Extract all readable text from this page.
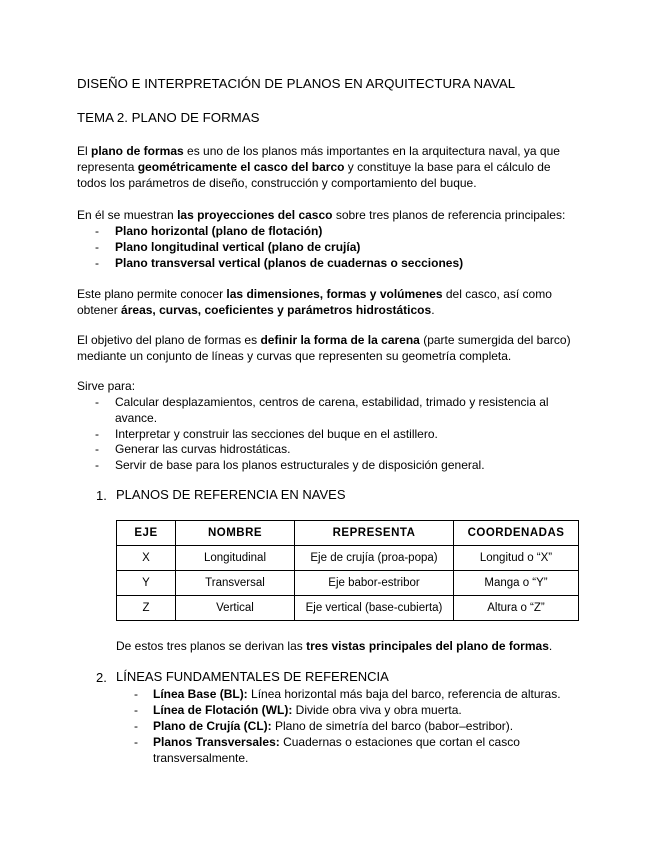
DISEÑO E INTERPRETACIÓN DE PLANOS EN ARQUITECTURA NAVAL
TEMA 2. PLANO DE FORMAS
El plano de formas es uno de los planos más importantes en la arquitectura naval, ya que representa geométricamente el casco del barco y constituye la base para el cálculo de todos los parámetros de diseño, construcción y comportamiento del buque.
En él se muestran las proyecciones del casco sobre tres planos de referencia principales:
- Plano horizontal (plano de flotación)
- Plano longitudinal vertical (plano de crujía)
- Plano transversal vertical (planos de cuadernas o secciones)
Este plano permite conocer las dimensiones, formas y volúmenes del casco, así como obtener áreas, curvas, coeficientes y parámetros hidrostáticos.
El objetivo del plano de formas es definir la forma de la carena (parte sumergida del barco) mediante un conjunto de líneas y curvas que representen su geometría completa.
Sirve para:
- Calcular desplazamientos, centros de carena, estabilidad, trimado y resistencia al avance.
- Interpretar y construir las secciones del buque en el astillero.
- Generar las curvas hidrostáticas.
- Servir de base para los planos estructurales y de disposición general.
1. PLANOS DE REFERENCIA EN NAVES
EJE	NOMBRE	REPRESENTA	COORDENADAS
X	Longitudinal	Eje de crujía (proa-popa)	Longitud o “X”
Y	Transversal	Eje babor-estribor	Manga o “Y”
Z	Vertical	Eje vertical (base-cubierta)	Altura o “Z”
De estos tres planos se derivan las tres vistas principales del plano de formas.
2. LÍNEAS FUNDAMENTALES DE REFERENCIA
- Línea Base (BL): Línea horizontal más baja del barco, referencia de alturas.
- Línea de Flotación (WL): Divide obra viva y obra muerta.
- Plano de Crujía (CL): Plano de simetría del barco (babor–estribor).
- Planos Transversales: Cuadernas o estaciones que cortan el casco transversalmente.
